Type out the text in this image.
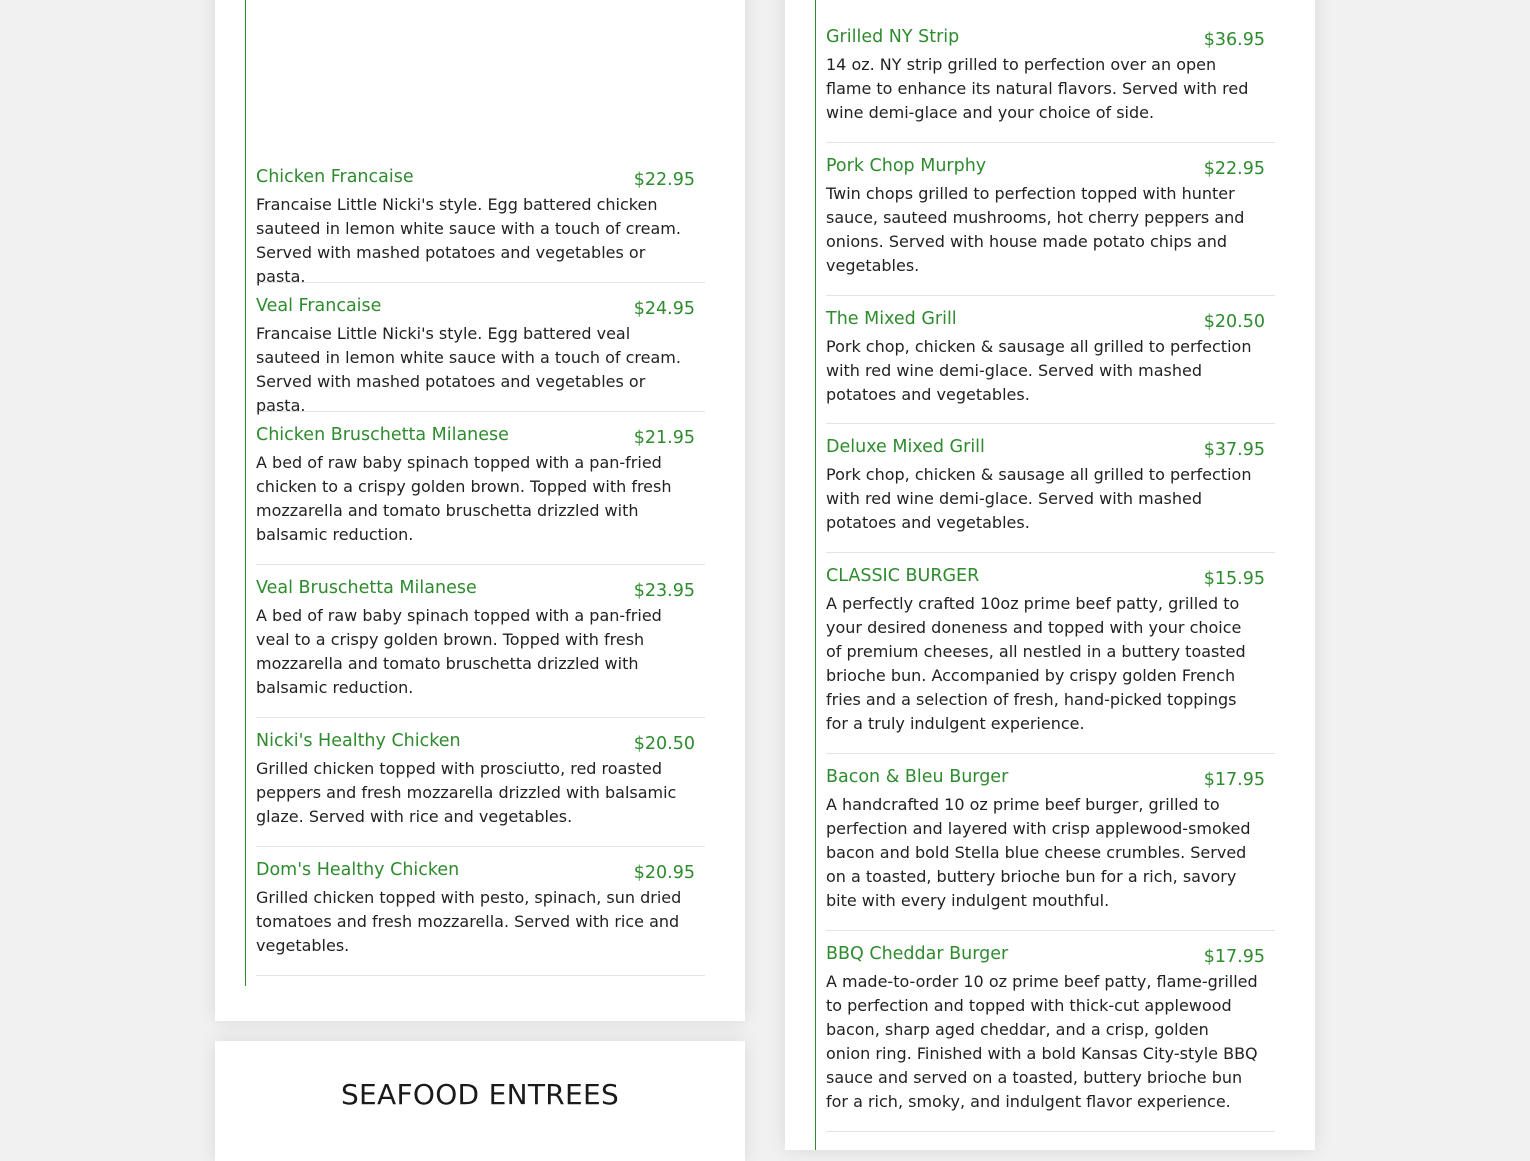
Chicken Francaise	$22.95
Francaise Little Nicki's style. Egg battered chicken sauteed in lemon white sauce with a touch of cream. Served with mashed potatoes and vegetables or pasta.
Veal Francaise	$24.95
Francaise Little Nicki's style. Egg battered veal sauteed in lemon white sauce with a touch of cream. Served with mashed potatoes and vegetables or pasta.
Chicken Bruschetta Milanese	$21.95
A bed of raw baby spinach topped with a pan-fried chicken to a crispy golden brown. Topped with fresh mozzarella and tomato bruschetta drizzled with balsamic reduction.
Veal Bruschetta Milanese	$23.95
A bed of raw baby spinach topped with a pan-fried veal to a crispy golden brown. Topped with fresh mozzarella and tomato bruschetta drizzled with balsamic reduction.
Nicki's Healthy Chicken	$20.50
Grilled chicken topped with prosciutto, red roasted peppers and fresh mozzarella drizzled with balsamic glaze. Served with rice and vegetables.
Dom's Healthy Chicken	$20.95
Grilled chicken topped with pesto, spinach, sun dried tomatoes and fresh mozzarella. Served with rice and vegetables.
SEAFOOD ENTREES
Grilled NY Strip	$36.95
14 oz. NY strip grilled to perfection over an open flame to enhance its natural flavors. Served with red wine demi-glace and your choice of side.
Pork Chop Murphy	$22.95
Twin chops grilled to perfection topped with hunter sauce, sauteed mushrooms, hot cherry peppers and onions. Served with house made potato chips and vegetables.
The Mixed Grill	$20.50
Pork chop, chicken & sausage all grilled to perfection with red wine demi-glace. Served with mashed potatoes and vegetables.
Deluxe Mixed Grill	$37.95
Pork chop, chicken & sausage all grilled to perfection with red wine demi-glace. Served with mashed potatoes and vegetables.
CLASSIC BURGER	$15.95
A perfectly crafted 10oz prime beef patty, grilled to your desired doneness and topped with your choice of premium cheeses, all nestled in a buttery toasted brioche bun. Accompanied by crispy golden French fries and a selection of fresh, hand-picked toppings for a truly indulgent experience.
Bacon & Bleu Burger	$17.95
A handcrafted 10 oz prime beef burger, grilled to perfection and layered with crisp applewood-smoked bacon and bold Stella blue cheese crumbles. Served on a toasted, buttery brioche bun for a rich, savory bite with every indulgent mouthful.
BBQ Cheddar Burger	$17.95
A made-to-order 10 oz prime beef patty, flame-grilled to perfection and topped with thick-cut applewood bacon, sharp aged cheddar, and a crisp, golden onion ring. Finished with a bold Kansas City-style BBQ sauce and served on a toasted, buttery brioche bun for a rich, smoky, and indulgent flavor experience.
